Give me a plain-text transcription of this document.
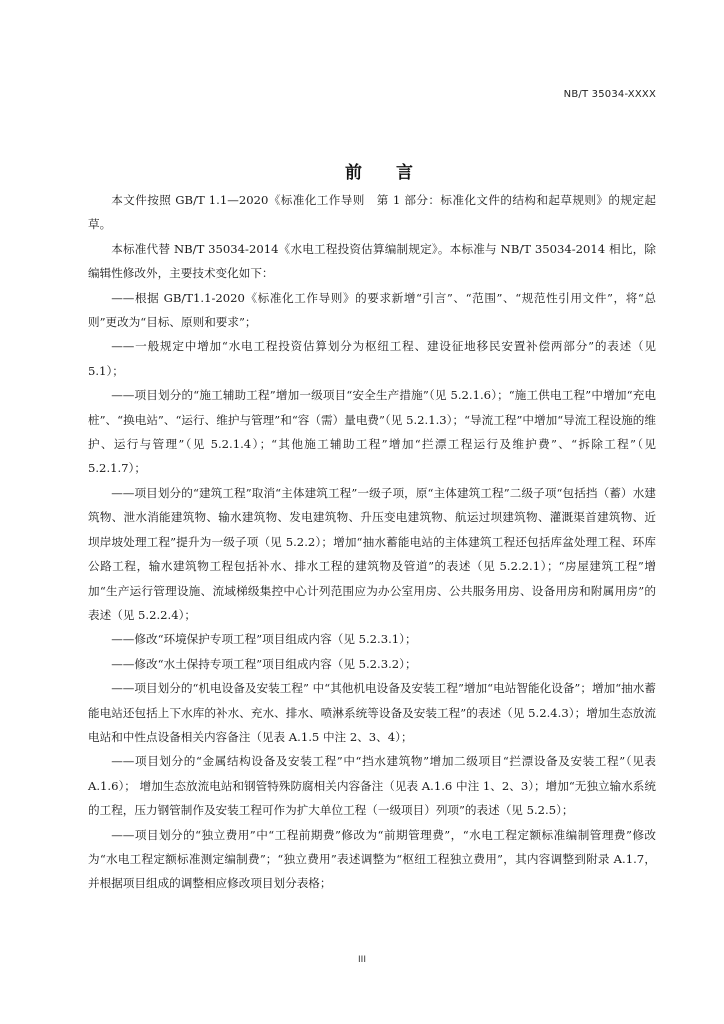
NB/T 35034-XXXX
前言

本文件按照 GB/T 1.1—2020《标准化工作导则　第 1 部分：标准化文件的结构和起草规则》的规定起草。

本标准代替 NB/T 35034-2014《水电工程投资估算编制规定》。本标准与 NB/T 35034-2014 相比，除编辑性修改外，主要技术变化如下：

——根据 GB/T1.1-2020《标准化工作导则》的要求新增“引言”、“范围”、“规范性引用文件”，将“总则”更改为“目标、原则和要求”；

——一般规定中增加“水电工程投资估算划分为枢纽工程、建设征地移民安置补偿两部分”的表述（见 5.1）；

——项目划分的“施工辅助工程”增加一级项目“安全生产措施”（见 5.2.1.6）；“施工供电工程”中增加“充电桩”、“换电站”、“运行、维护与管理”和“容（需）量电费”（见 5.2.1.3）；“导流工程”中增加“导流工程设施的维护、运行与管理”（见 5.2.1.4）；“其他施工辅助工程”增加“拦漂工程运行及维护费”、“拆除工程”（见 5.2.1.7）；

——项目划分的“建筑工程”取消“主体建筑工程”一级子项，原“主体建筑工程”二级子项“包括挡（蓄）水建筑物、泄水消能建筑物、输水建筑物、发电建筑物、升压变电建筑物、航运过坝建筑物、灌溉渠首建筑物、近坝岸坡处理工程”提升为一级子项（见 5.2.2）；增加“抽水蓄能电站的主体建筑工程还包括库盆处理工程、环库公路工程，输水建筑物工程包括补水、排水工程的建筑物及管道”的表述（见 5.2.2.1）；“房屋建筑工程”增加“生产运行管理设施、流域梯级集控中心计列范围应为办公室用房、公共服务用房、设备用房和附属用房”的表述（见 5.2.2.4）；

——修改“环境保护专项工程”项目组成内容（见 5.2.3.1）；

——修改“水土保持专项工程”项目组成内容（见 5.2.3.2）；

——项目划分的“机电设备及安装工程” 中“其他机电设备及安装工程”增加“电站智能化设备”；增加“抽水蓄能电站还包括上下水库的补水、充水、排水、喷淋系统等设备及安装工程”的表述（见 5.2.4.3）；增加生态放流电站和中性点设备相关内容备注（见表 A.1.5 中注 2、3、4）；

——项目划分的“金属结构设备及安装工程”中“挡水建筑物”增加二级项目“拦漂设备及安装工程”（见表 A.1.6）； 增加生态放流电站和钢管特殊防腐相关内容备注（见表 A.1.6 中注 1、2、3）；增加“无独立输水系统的工程，压力钢管制作及安装工程可作为扩大单位工程（一级项目）列项”的表述（见 5.2.5）；

——项目划分的“独立费用”中“工程前期费”修改为“前期管理费”，“水电工程定额标准编制管理费”修改为“水电工程定额标准测定编制费”；“独立费用”表述调整为“枢纽工程独立费用”，其内容调整到附录 A.1.7，并根据项目组成的调整相应修改项目划分表格；

III
